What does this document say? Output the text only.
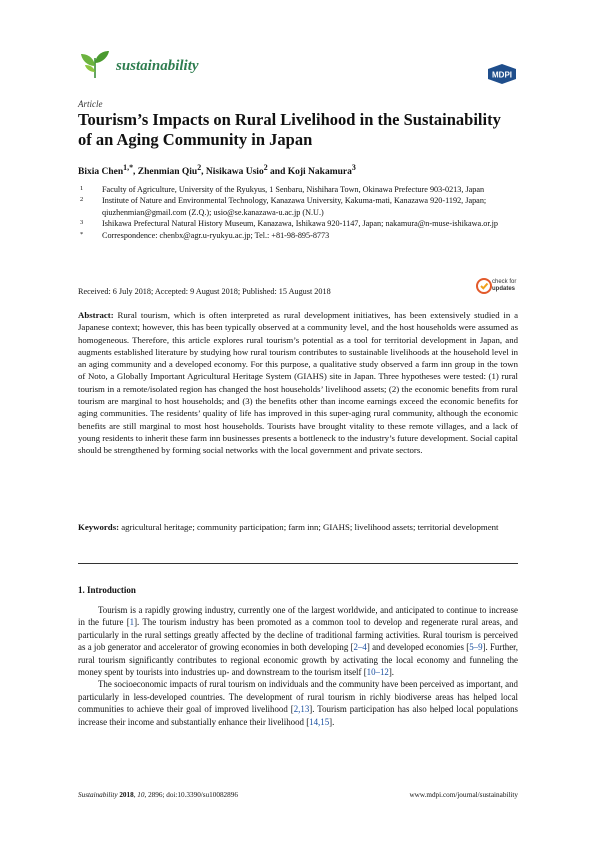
sustainability
MDPI
Article
Tourism’s Impacts on Rural Livelihood in the Sustainability of an Aging Community in Japan
Bixia Chen$^{1,*}$, Zhenmian Qiu$^2$, Nisikawa Usio$^2$ and Koji Nakamura$^3$
1 Faculty of Agriculture, University of the Ryukyus, 1 Senbaru, Nishihara Town, Okinawa Prefecture 903-0213, Japan
2 Institute of Nature and Environmental Technology, Kanazawa University, Kakuma-mati, Kanazawa 920-1192, Japan; qiuzhenmian@gmail.com (Z.Q.); usio@se.kanazawa-u.ac.jp (N.U.)
3 Ishikawa Prefectural Natural History Museum, Kanazawa, Ishikawa 920-1147, Japan; nakamura@n-muse-ishikawa.or.jp
* Correspondence: chenbx@agr.u-ryukyu.ac.jp; Tel.: +81-98-895-8773
check for
updates
Received: 6 July 2018; Accepted: 9 August 2018; Published: 15 August 2018
Abstract: Rural tourism, which is often interpreted as rural development initiatives, has been extensively studied in a Japanese context; however, this has been typically observed at a community level, and the host households were assumed as homogeneous. Therefore, this article explores rural tourism’s potential as a tool for territorial development in Japan, and augments established literature by studying how rural tourism contributes to sustainable livelihoods at the household level in an aging community and a developed economy. For this purpose, a qualitative study observed a farm inn group in the town of Noto, a Globally Important Agricultural Heritage System (GIAHS) site in Japan. Three hypotheses were tested: (1) rural tourism in a remote/isolated region has changed the host households’ livelihood assets; (2) the economic benefits from rural tourism are marginal to host households; and (3) the benefits other than income earnings exceed the economic benefits for aging communities. The residents’ quality of life has improved in this super-aging rural community, although the economic benefits are still marginal to most host households. Tourists have brought vitality to these remote villages, and a lack of young residents to inherit these farm inn businesses presents a bottleneck to the industry’s future development. Social capital should be strengthened by forming social networks with the local government and private sectors.
Keywords: agricultural heritage; community participation; farm inn; GIAHS; livelihood assets; territorial development
1. Introduction

Tourism is a rapidly growing industry, currently one of the largest worldwide, and anticipated to continue to increase in the future [1]. The tourism industry has been promoted as a common tool to develop and regenerate rural areas, and particularly in the rural settings greatly affected by the decline of traditional farming activities. Rural tourism is perceived as a job generator and accelerator of growing economies in both developing [2–4] and developed economies [5–9]. Further, rural tourism significantly contributes to regional economic growth by activating the local economy and funneling the money spent by tourists into industries up- and downstream to the tourism itself [10–12].

The socioeconomic impacts of rural tourism on individuals and the community have been perceived as important, and particularly in less-developed countries. The development of rural tourism in richly biodiverse areas has helped local communities to achieve their goal of improved livelihood [2,13]. Tourism participation has also helped local populations increase their income and substantially enhance their livelihood [14,15].

Sustainability 2018, 10, 2896; doi:10.3390/su10082896	www.mdpi.com/journal/sustainability
